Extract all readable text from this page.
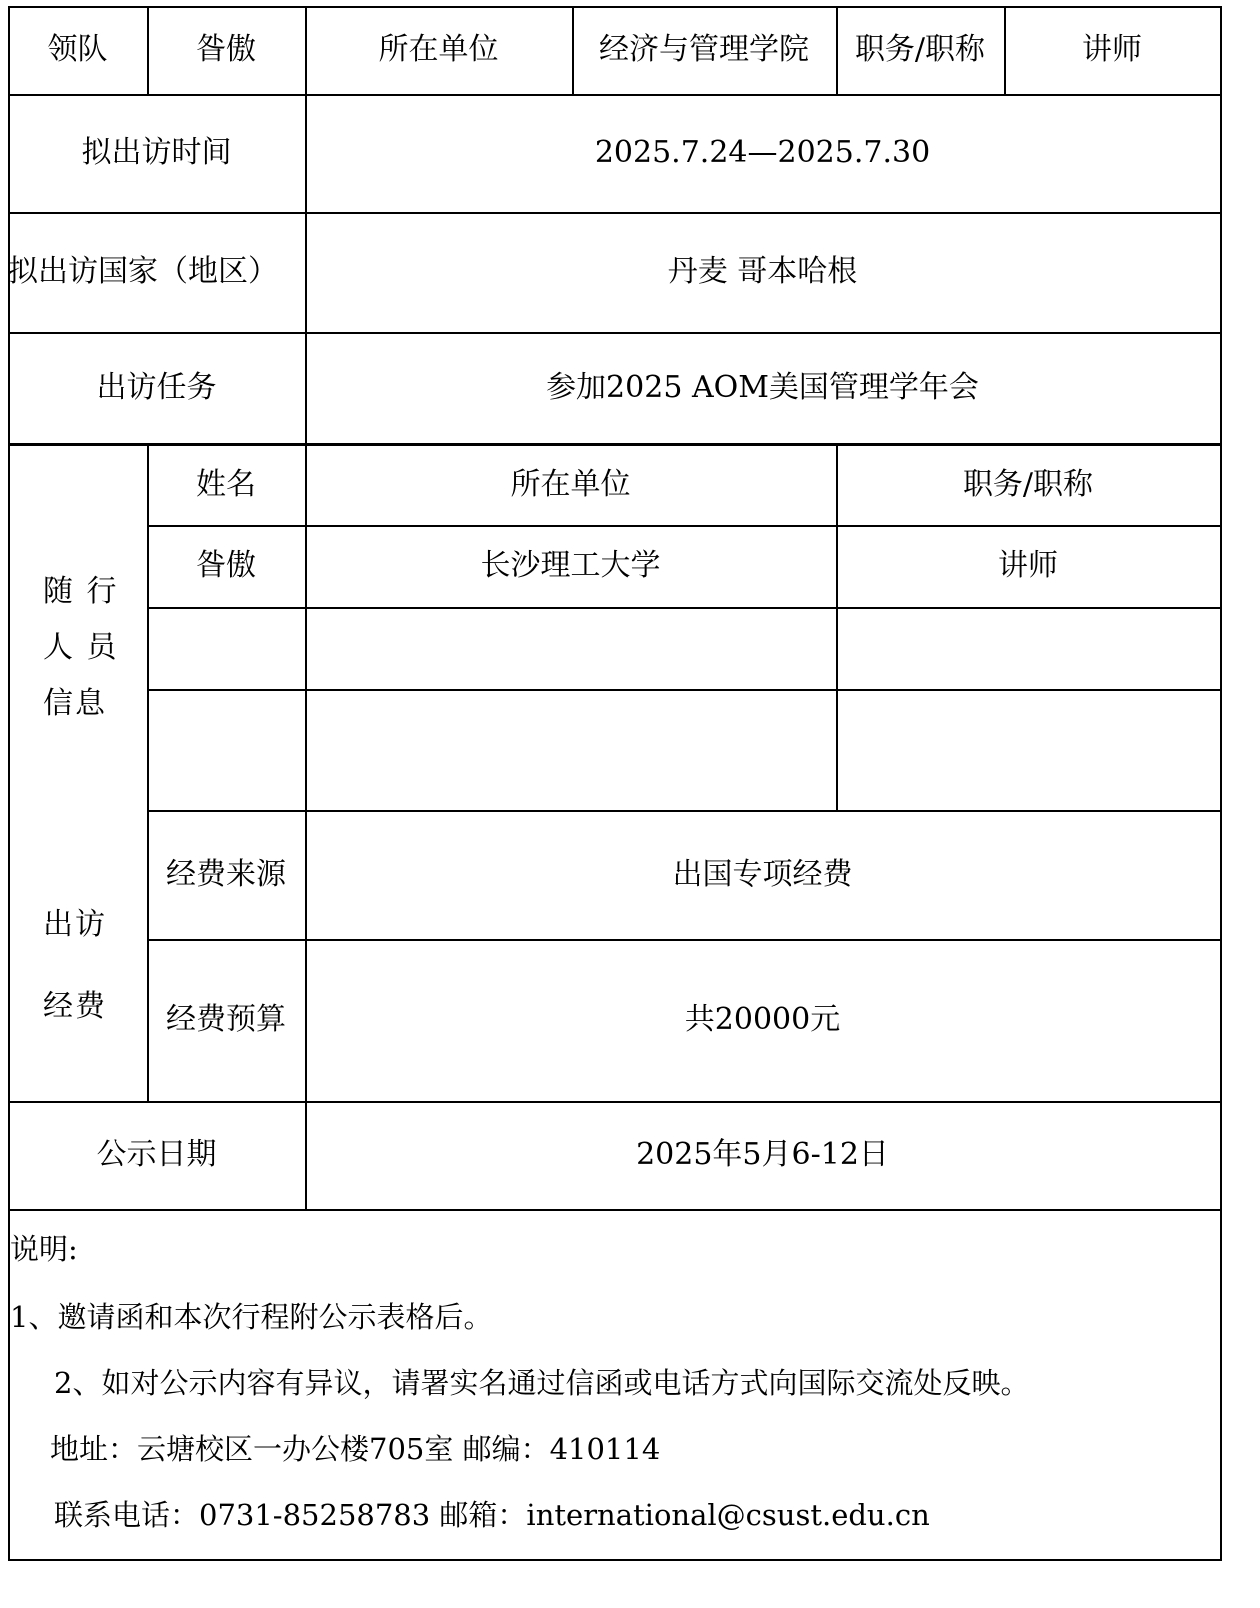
领队	昝傲	所在单位	经济与管理学院	职务/职称	讲师
拟出访时间	2025.7.24—2025.7.30
拟出访国家（地区）	丹麦 哥本哈根
出访任务	参加2025 AOM美国管理学年会
随 行
人 员
信息
姓名	所在单位	职务/职称
昝傲	长沙理工大学	讲师
出访
经费
经费来源	出国专项经费
经费预算	共20000元
公示日期	2025年5月6-12日
说明:
1、邀请函和本次行程附公示表格后。
2、如对公示内容有异议，请署实名通过信函或电话方式向国际交流处反映。
地址：云塘校区一办公楼705室 邮编：410114
联系电话：0731-85258783 邮箱：international@csust.edu.cn
